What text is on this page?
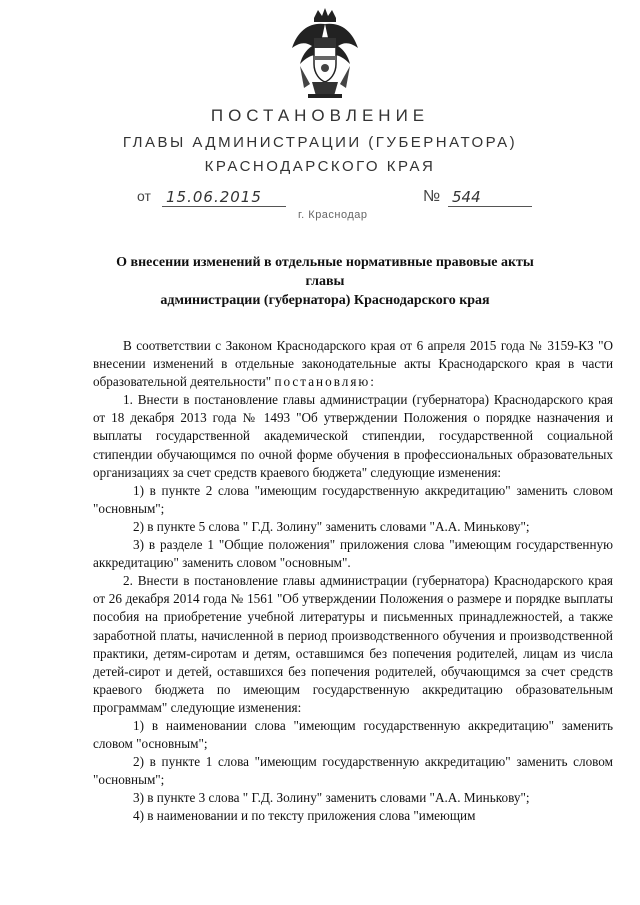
ПОСТАНОВЛЕНИЕ
ГЛАВЫ АДМИНИСТРАЦИИ (ГУБЕРНАТОРА)
КРАСНОДАРСКОГО КРАЯ
от 15.06.2015	№ 544
г. Краснодар
О внесении изменений в отдельные нормативные правовые акты главы
администрации (губернатора) Краснодарского края

В соответствии с Законом Краснодарского края от 6 апреля 2015 года № 3159-КЗ "О внесении изменений в отдельные законодательные акты Краснодарского края в части образовательной деятельности" постановляю:

1. Внести в постановление главы администрации (губернатора) Краснодарского края от 18 декабря 2013 года № 1493 "Об утверждении Положения о порядке назначения и выплаты государственной академической стипендии, государственной социальной стипендии обучающимся по очной форме обучения в профессиональных образовательных организациях за счет средств краевого бюджета" следующие изменения:

1) в пункте 2 слова "имеющим государственную аккредитацию" заменить словом "основным";

2) в пункте 5 слова " Г.Д. Золину" заменить словами "А.А. Минькову";

3) в разделе 1 "Общие положения" приложения слова "имеющим государственную аккредитацию" заменить словом "основным".

2. Внести в постановление главы администрации (губернатора) Краснодарского края от 26 декабря 2014 года № 1561 "Об утверждении Положения о размере и порядке выплаты пособия на приобретение учебной литературы и письменных принадлежностей, а также заработной платы, начисленной в период производственного обучения и производственной практики, детям-сиротам и детям, оставшимся без попечения родителей, лицам из числа детей-сирот и детей, оставшихся без попечения родителей, обучающимся за счет средств краевого бюджета по имеющим государственную аккредитацию образовательным программам" следующие изменения:

1) в наименовании слова "имеющим государственную аккредитацию" заменить словом "основным";

2) в пункте 1 слова "имеющим государственную аккредитацию" заменить словом "основным";

3) в пункте 3 слова " Г.Д. Золину" заменить словами "А.А. Минькову";

4) в наименовании и по тексту приложения слова "имеющим
